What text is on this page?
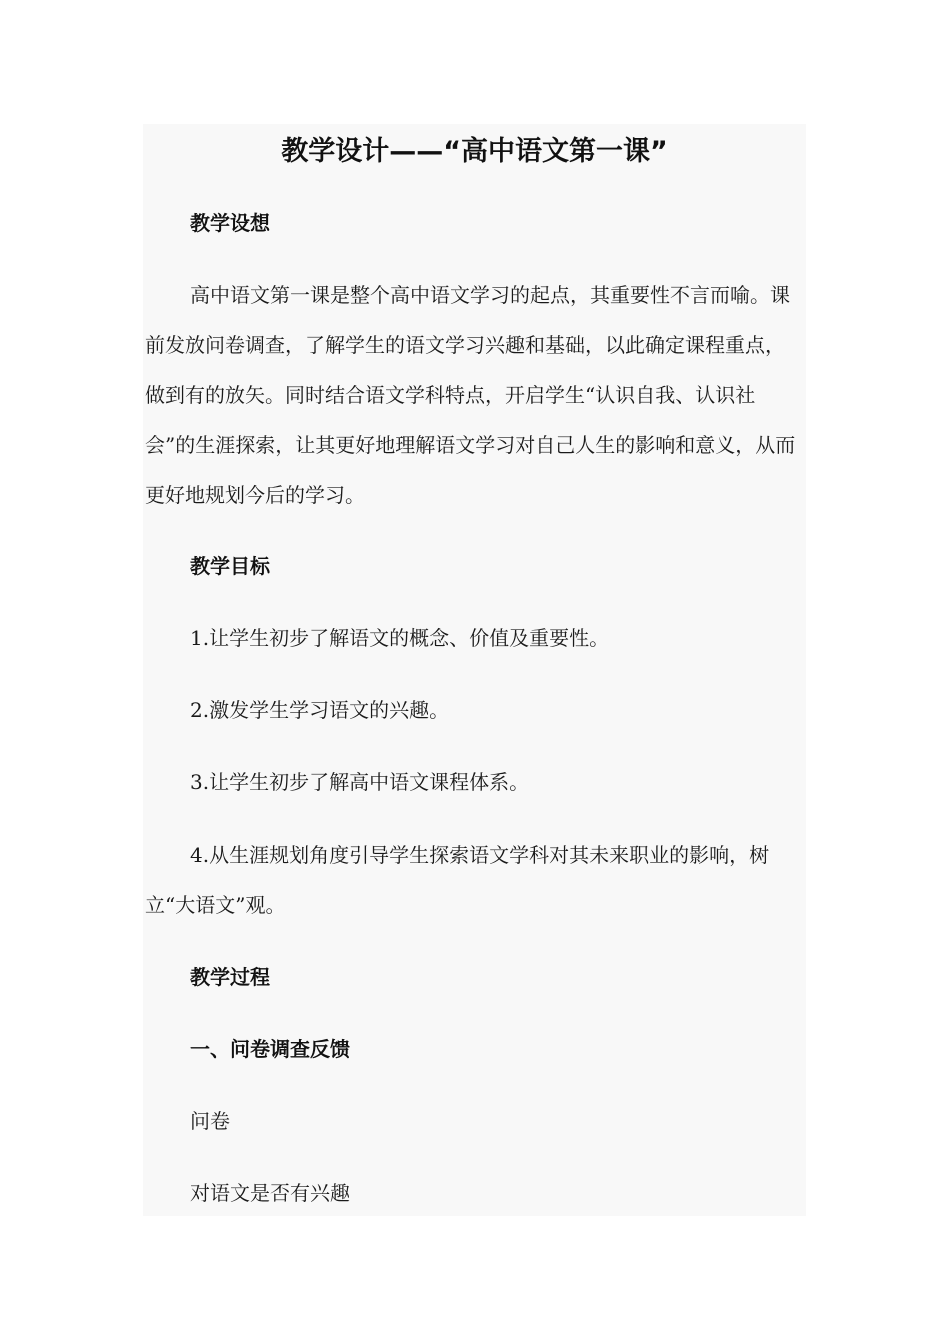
教学设计——“高中语文第一课”
教学设想

高中语文第一课是整个高中语文学习的起点，其重要性不言而喻。课前发放问卷调查，了解学生的语文学习兴趣和基础，以此确定课程重点，做到有的放矢。同时结合语文学科特点，开启学生“认识自我、认识社会”的生涯探索，让其更好地理解语文学习对自己人生的影响和意义，从而更好地规划今后的学习。

教学目标

1.让学生初步了解语文的概念、价值及重要性。

2.激发学生学习语文的兴趣。

3.让学生初步了解高中语文课程体系。

4.从生涯规划角度引导学生探索语文学科对其未来职业的影响，树立“大语文”观。

教学过程
一、问卷调查反馈

问卷

对语文是否有兴趣
